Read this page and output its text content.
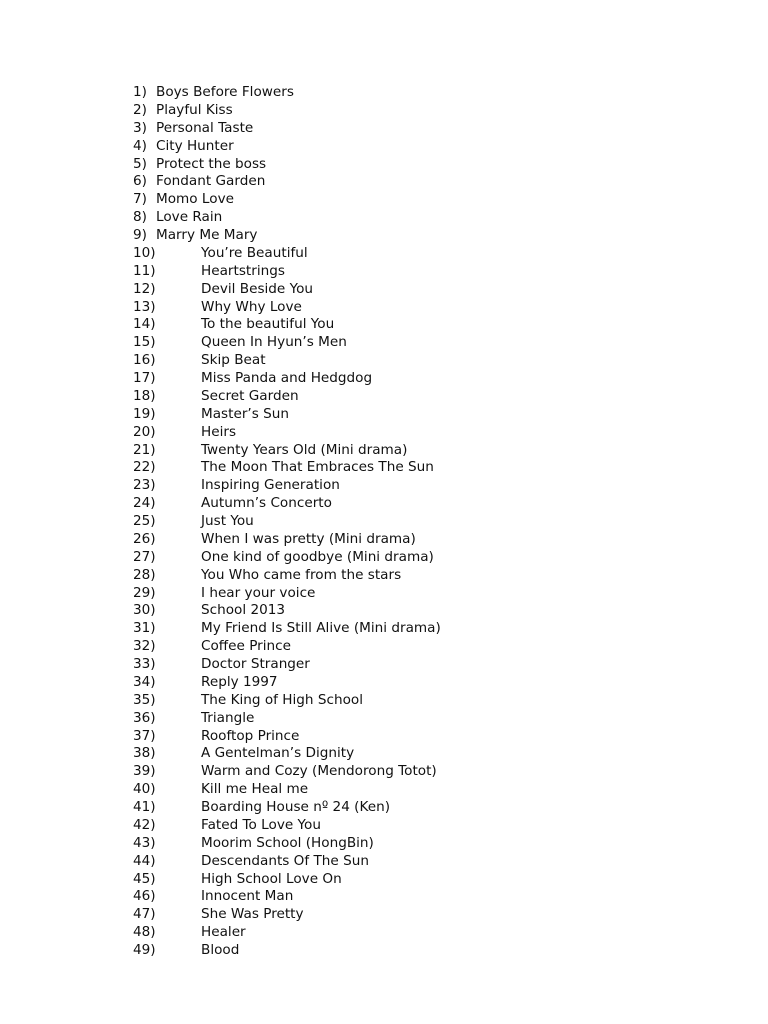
1) Boys Before Flowers
2) Playful Kiss
3) Personal Taste
4) City Hunter
5) Protect the boss
6) Fondant Garden
7) Momo Love
8) Love Rain
9) Marry Me Mary
10)	You’re Beautiful
11)	Heartstrings
12)	Devil Beside You
13)	Why Why Love
14)	To the beautiful You
15)	Queen In Hyun’s Men
16)	Skip Beat
17)	Miss Panda and Hedgdog
18)	Secret Garden
19)	Master’s Sun
20)	Heirs
21)	Twenty Years Old (Mini drama)
22)	The Moon That Embraces The Sun
23)	Inspiring Generation
24)	Autumn’s Concerto
25)	Just You
26)	When I was pretty (Mini drama)
27)	One kind of goodbye (Mini drama)
28)	You Who came from the stars
29)	I hear your voice
30)	School 2013
31)	My Friend Is Still Alive (Mini drama)
32)	Coffee Prince
33)	Doctor Stranger
34)	Reply 1997
35)	The King of High School
36)	Triangle
37)	Rooftop Prince
38)	A Gentelman’s Dignity
39)	Warm and Cozy (Mendorong Totot)
40)	Kill me Heal me
41)	Boarding House nº 24 (Ken)
42)	Fated To Love You
43)	Moorim School (HongBin)
44)	Descendants Of The Sun
45)	High School Love On
46)	Innocent Man
47)	She Was Pretty
48)	Healer
49)	Blood
